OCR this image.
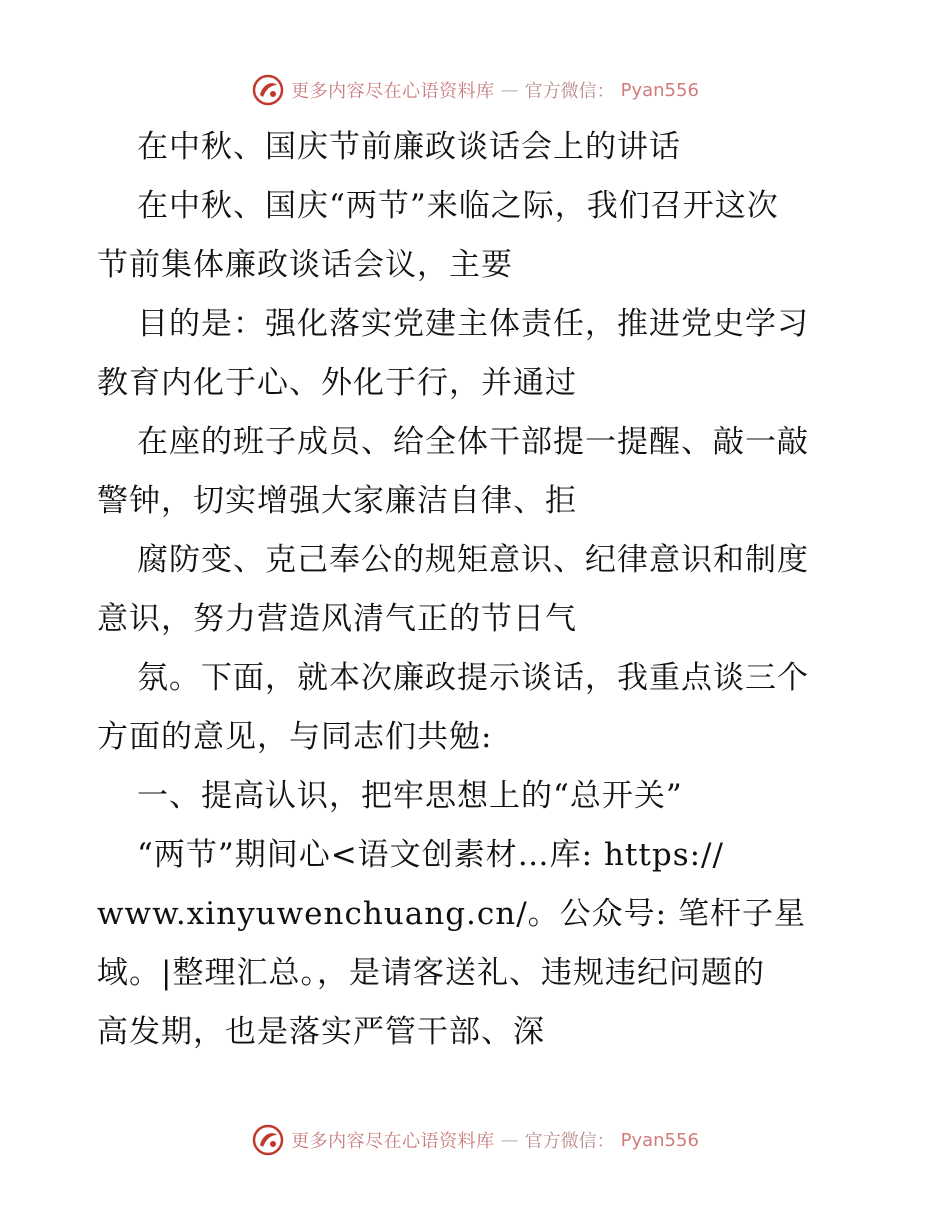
更多内容尽在心语资料库 — 官方微信： Pyan556
在中秋、国庆节前廉政谈话会上的讲话
在中秋、国庆“两节”来临之际，我们召开这次
节前集体廉政谈话会议，主要
目的是：强化落实党建主体责任，推进党史学习
教育内化于心、外化于行，并通过
在座的班子成员、给全体干部提一提醒、敲一敲
警钟，切实增强大家廉洁自律、拒
腐防变、克己奉公的规矩意识、纪律意识和制度
意识，努力营造风清气正的节日气
氛。下面，就本次廉政提示谈话，我重点谈三个
方面的意见，与同志们共勉:
一、提高认识，把牢思想上的“总开关”
“两节”期间心<语文创素材…库: https://
www.xinyuwenchuang.cn/。公众号: 笔杆子星
域。|整理汇总。，是请客送礼、违规违纪问题的
高发期，也是落实严管干部、深
更多内容尽在心语资料库 — 官方微信： Pyan556
